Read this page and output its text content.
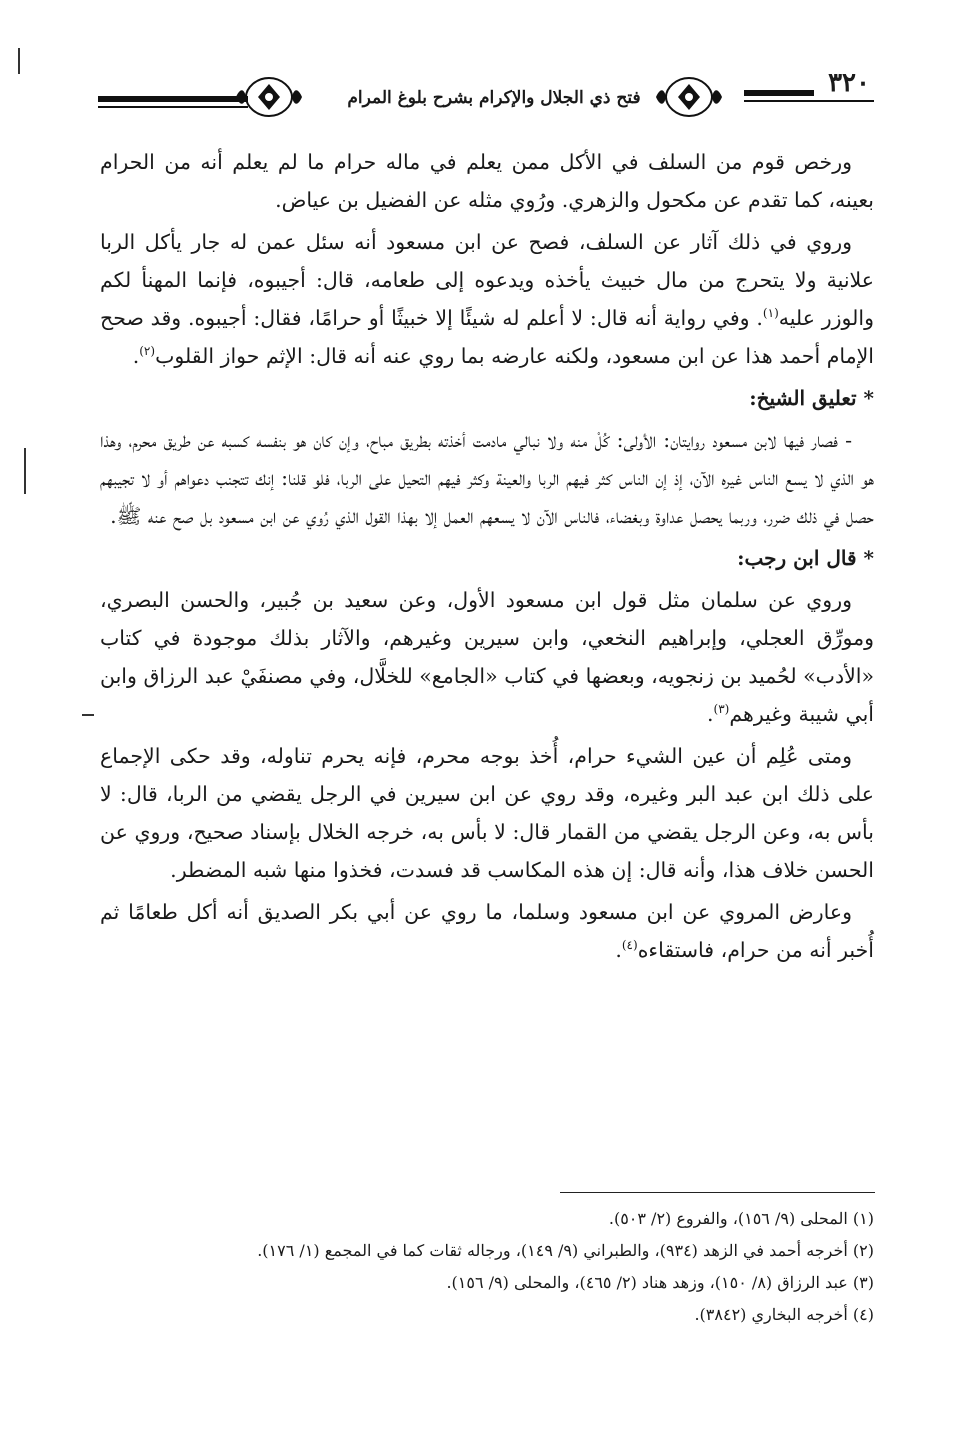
فتح ذي الجلال والإكرام بشرح بلوغ المرام	٣٢٠

ورخص قوم من السلف في الأكل ممن يعلم في ماله حرام ما لم يعلم أنه من الحرام بعينه، كما تقدم عن مكحول والزهري. ورُوي مثله عن الفضيل بن عياض.

وروي في ذلك آثار عن السلف، فصح عن ابن مسعود أنه سئل عمن له جار يأكل الربا علانية ولا يتحرج من مال خبيث يأخذه ويدعوه إلى طعامه، قال: أجيبوه، فإنما المهنأ لكم والوزر عليه$^{(١)}$. وفي رواية أنه قال: لا أعلم له شيئًا إلا خبيثًا أو حرامًا، فقال: أجيبوه. وقد صحح الإمام أحمد هذا عن ابن مسعود، ولكنه عارضه بما روي عنه أنه قال: الإثم حواز القلوب$^{(٢)}$.

* تعليق الشيخ:

- فصار فيها لابن مسعود روايتان: الأولى: كُلْ منه ولا نبالي مادمت أخذته بطريق مباح، وإن كان هو بنفسه كسبه عن طريق محرم، وهذا هو الذي لا يسع الناس غيره الآن، إذ إن الناس كثر فيهم الربا والعينة وكثر فيهم التحيل على الربا، فلو قلنا: إنك تتجنب دعواهم أو لا تجيبهم حصل في ذلك ضرر، وربما يحصل عداوة وبغضاء، فالناس الآن لا يسعهم العمل إلا بهذا القول الذي رُوي عن ابن مسعود بل صح عنه ﷺ.

* قال ابن رجب:

وروي عن سلمان مثل قول ابن مسعود الأول، وعن سعيد بن جُبير، والحسن البصري، ومورِّق العجلي، وإبراهيم النخعي، وابن سيرين وغيرهم، والآثار بذلك موجودة في كتاب «الأدب» لحُميد بن زنجويه، وبعضها في كتاب «الجامع» للخلَّال، وفي مصنفَيْ عبد الرزاق وابن أبي شيبة وغيرهم$^{(٣)}$.

ومتى عُلِم أن عين الشيء حرام، أُخذ بوجه محرم، فإنه يحرم تناوله، وقد حكى الإجماع على ذلك ابن عبد البر وغيره، وقد روي عن ابن سيرين في الرجل يقضي من الربا، قال: لا بأس به، وعن الرجل يقضي من القمار قال: لا بأس به، خرجه الخلال بإسناد صحيح، وروي عن الحسن خلاف هذا، وأنه قال: إن هذه المكاسب قد فسدت، فخذوا منها شبه المضطر.

وعارض المروي عن ابن مسعود وسلما، ما روي عن أبي بكر الصديق أنه أكل طعامًا ثم أُخبر أنه من حرام، فاستقاءه$^{(٤)}$.

(١) المحلى (٩/ ١٥٦)، والفروع (٢/ ٥٠٣).

(٢) أخرجه أحمد في الزهد (٩٣٤)، والطبراني (٩/ ١٤٩)، ورجاله ثقات كما في المجمع (١/ ١٧٦).

(٣) عبد الرزاق (٨/ ١٥٠)، وزهد هناد (٢/ ٤٦٥)، والمحلى (٩/ ١٥٦).

(٤) أخرجه البخاري (٣٨٤٢).
